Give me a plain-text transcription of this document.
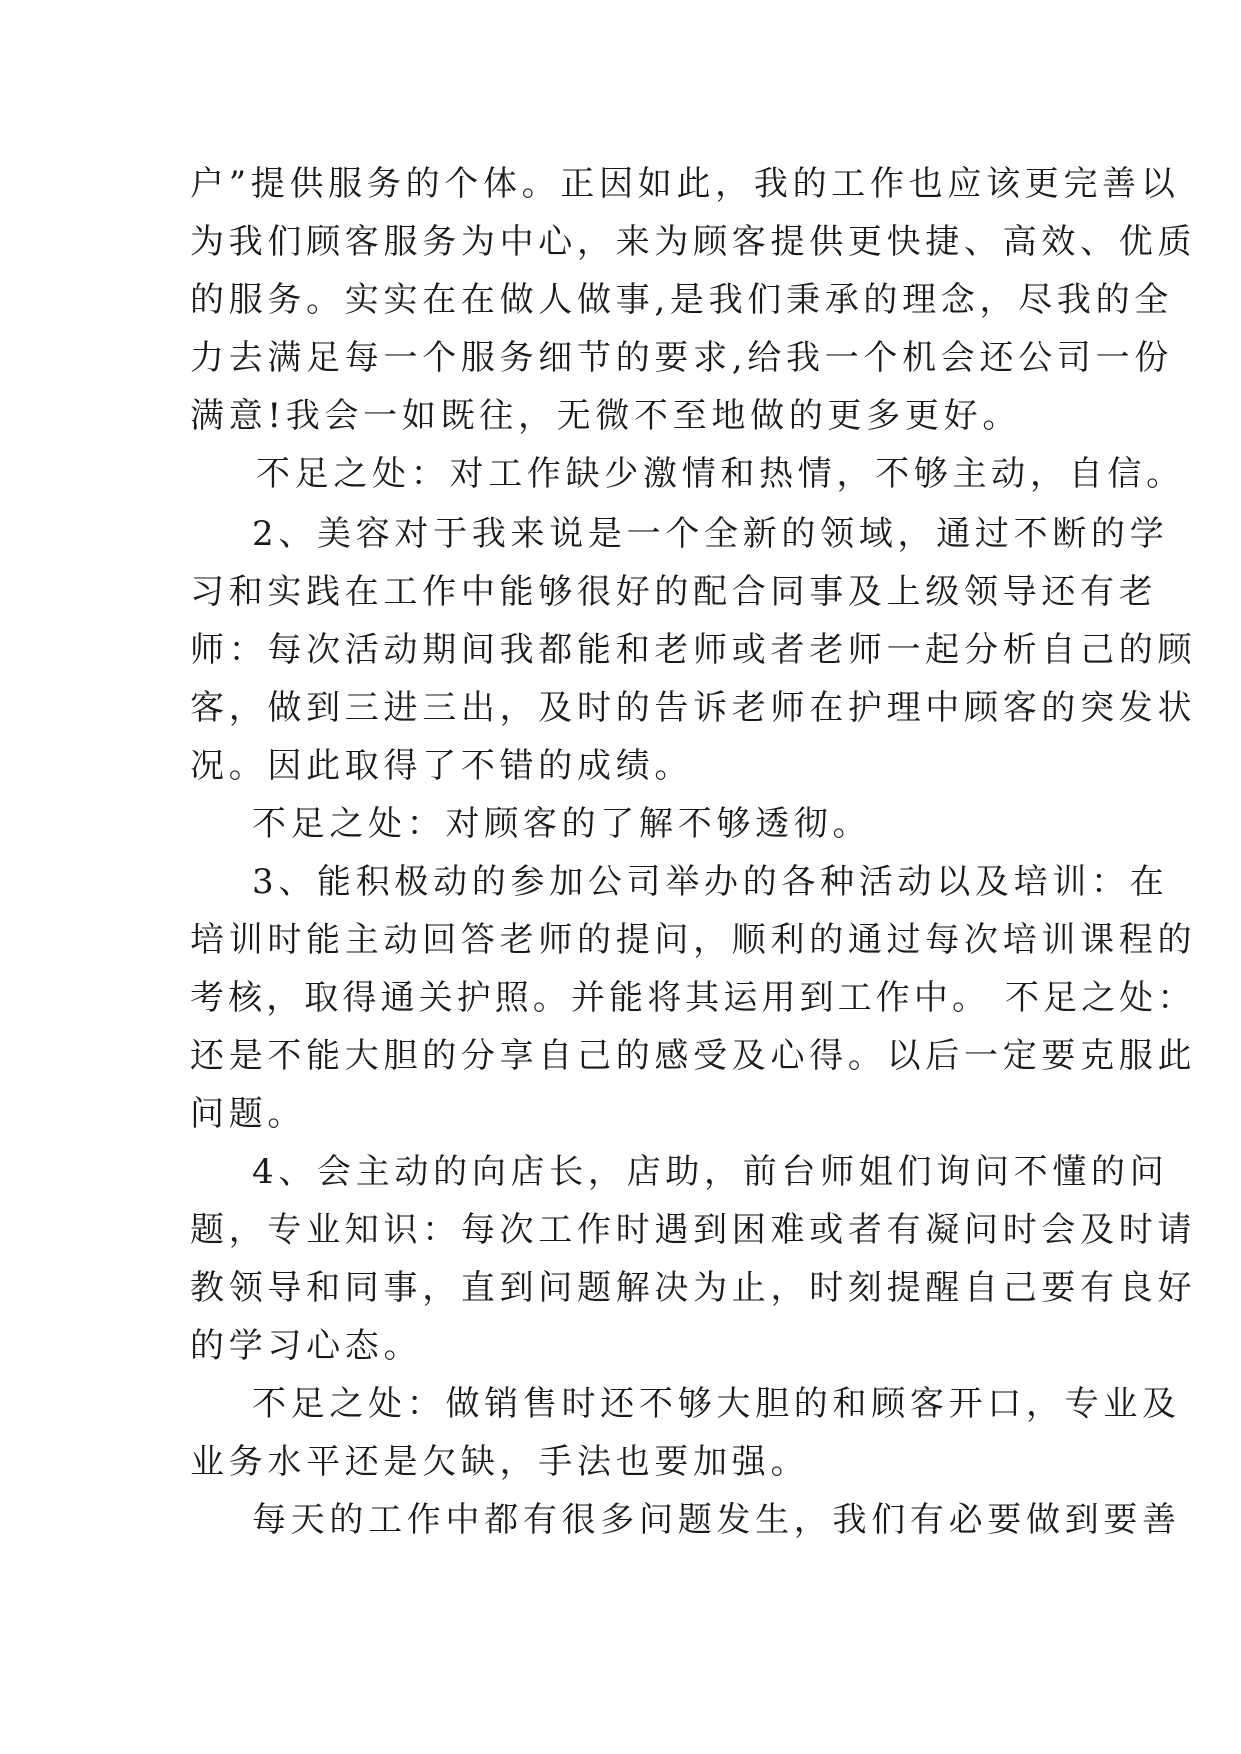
户”提供服务的个体。正因如此，我的工作也应该更完善以
为我们顾客服务为中心，来为顾客提供更快捷、高效、优质
的服务。实实在在做人做事,是我们秉承的理念，尽我的全
力去满足每一个服务细节的要求,给我一个机会还公司一份
满意!我会一如既往，无微不至地做的更多更好。
不足之处：对工作缺少激情和热情，不够主动，自信。
2、美容对于我来说是一个全新的领域，通过不断的学
习和实践在工作中能够很好的配合同事及上级领导还有老
师：每次活动期间我都能和老师或者老师一起分析自己的顾
客，做到三进三出，及时的告诉老师在护理中顾客的突发状
况。因此取得了不错的成绩。
不足之处：对顾客的了解不够透彻。
3、能积极动的参加公司举办的各种活动以及培训：在
培训时能主动回答老师的提问，顺利的通过每次培训课程的
考核，取得通关护照。并能将其运用到工作中。 不足之处：
还是不能大胆的分享自己的感受及心得。以后一定要克服此
问题。
4、会主动的向店长，店助，前台师姐们询问不懂的问
题，专业知识：每次工作时遇到困难或者有凝问时会及时请
教领导和同事，直到问题解决为止，时刻提醒自己要有良好
的学习心态。
不足之处：做销售时还不够大胆的和顾客开口，专业及
业务水平还是欠缺，手法也要加强。
每天的工作中都有很多问题发生，我们有必要做到要善
